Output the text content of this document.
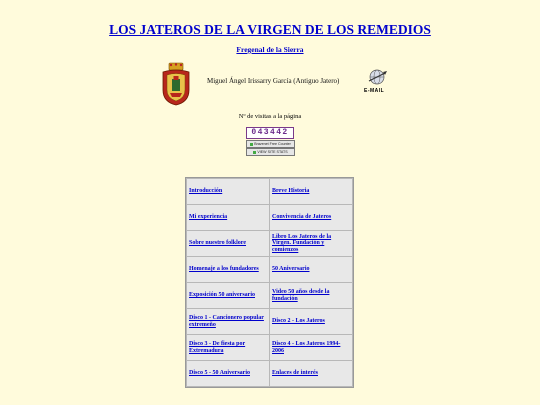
LOS JATEROS DE LA VIRGEN DE LOS REMEDIOS
Fregenal de la Sierra
Miguel Ángel Irissarry García (Antiguo Jatero)
E-MAIL
Nº de visitas a la página
043442
Bravenet Free Counter
VIEW SITE STATS
Introducción	Breve Historia
Mi experiencia	Convivencia de Jateros
Sobre nuestro folklore	Libro Los Jateros de la Virgen. Fundación y comienzos
Homenaje a los fundadores	50 Aniversario
Exposición 50 aniversario	Video 50 años desde la fundación
Disco 1 - Cancionero popular extremeño	Disco 2 - Los Jateros
Disco 3 - De fiesta por Extremadura	Disco 4 - Los Jateros 1994-2006
Disco 5 - 50 Aniversario	Enlaces de interés
